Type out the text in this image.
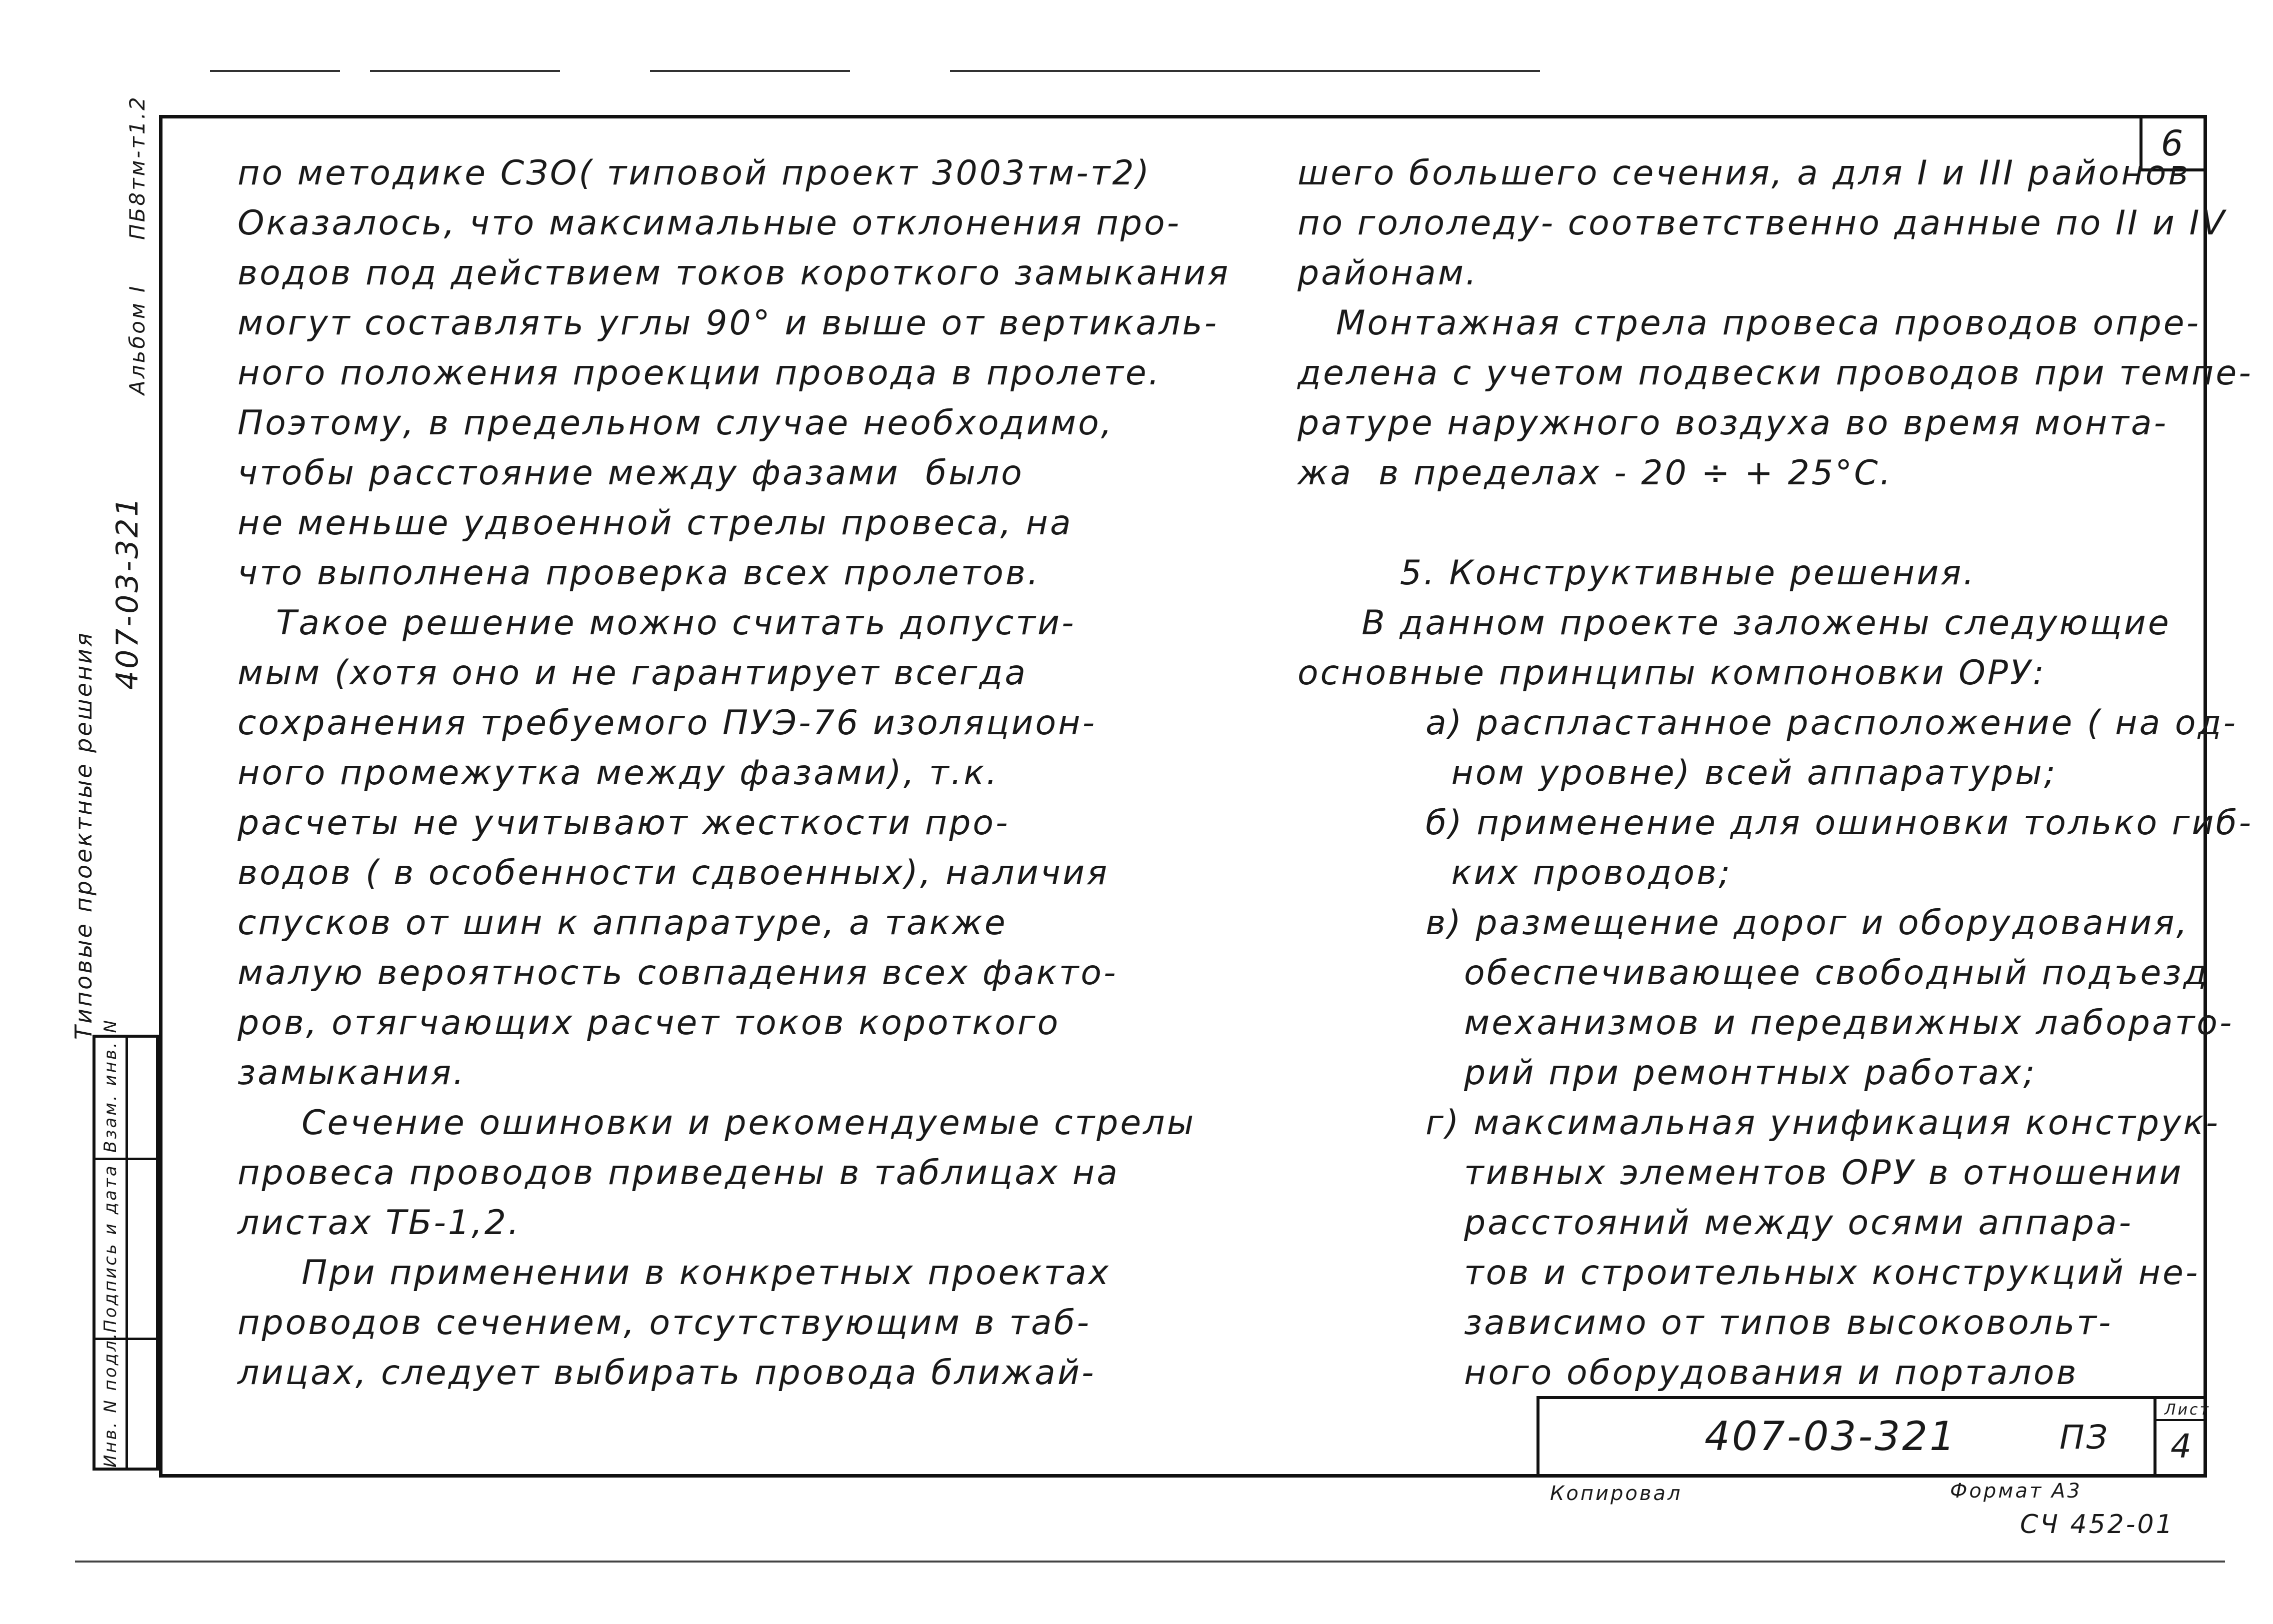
Типовые проектные решения
407-03-321
Альбом I
ПБ8тм-т1.2
Инв. N подл.
Подпись и дата
Взам. инв. N
6
по методике СЗО( типовой проект 3003тм-т2)
Оказалось, что максимальные отклонения про-
водов под действием токов короткого замыкания
могут составлять углы 90° и выше от вертикаль-
ного положения проекции провода в пролете.
Поэтому, в предельном случае необходимо,
чтобы расстояние между фазами  было
не меньше удвоенной стрелы провеса, на
что выполнена проверка всех пролетов.
Такое решение можно считать допусти-
мым (хотя оно и не гарантирует всегда
сохранения требуемого ПУЭ-76 изоляцион-
ного промежутка между фазами), т.к.
расчеты не учитывают жесткости про-
водов ( в особенности сдвоенных), наличия
спусков от шин к аппаратуре, а также
малую вероятность совпадения всех факто-
ров, отягчающих расчет токов короткого
замыкания.
Сечение ошиновки и рекомендуемые стрелы
провеса проводов приведены в таблицах на
листах ТБ-1,2.
При применении в конкретных проектах
проводов сечением, отсутствующим в таб-
лицах, следует выбирать провода ближай-
шего большего сечения, а для I и III районов
по гололеду- соответственно данные по II и IV
районам.
Монтажная стрела провеса проводов опре-
делена с учетом подвески проводов при темпе-
ратуре наружного воздуха во время монта-
жа  в пределах - 20 ÷ + 25°С.
5. Конструктивные решения.
В данном проекте заложены следующие
основные принципы компоновки ОРУ:
а) распластанное расположение ( на од-
ном уровне) всей аппаратуры;
б) применение для ошиновки только гиб-
ких проводов;
в) размещение дорог и оборудования,
обеспечивающее свободный подъезд
механизмов и передвижных лаборато-
рий при ремонтных работах;
г) максимальная унификация конструк-
тивных элементов ОРУ в отношении
расстояний между осями аппара-
тов и строительных конструкций не-
зависимо от типов высоковольт-
ного оборудования и порталов
407-03-321	ПЗ
Лист
4
Копировал	Формат А3
СЧ 452-01
